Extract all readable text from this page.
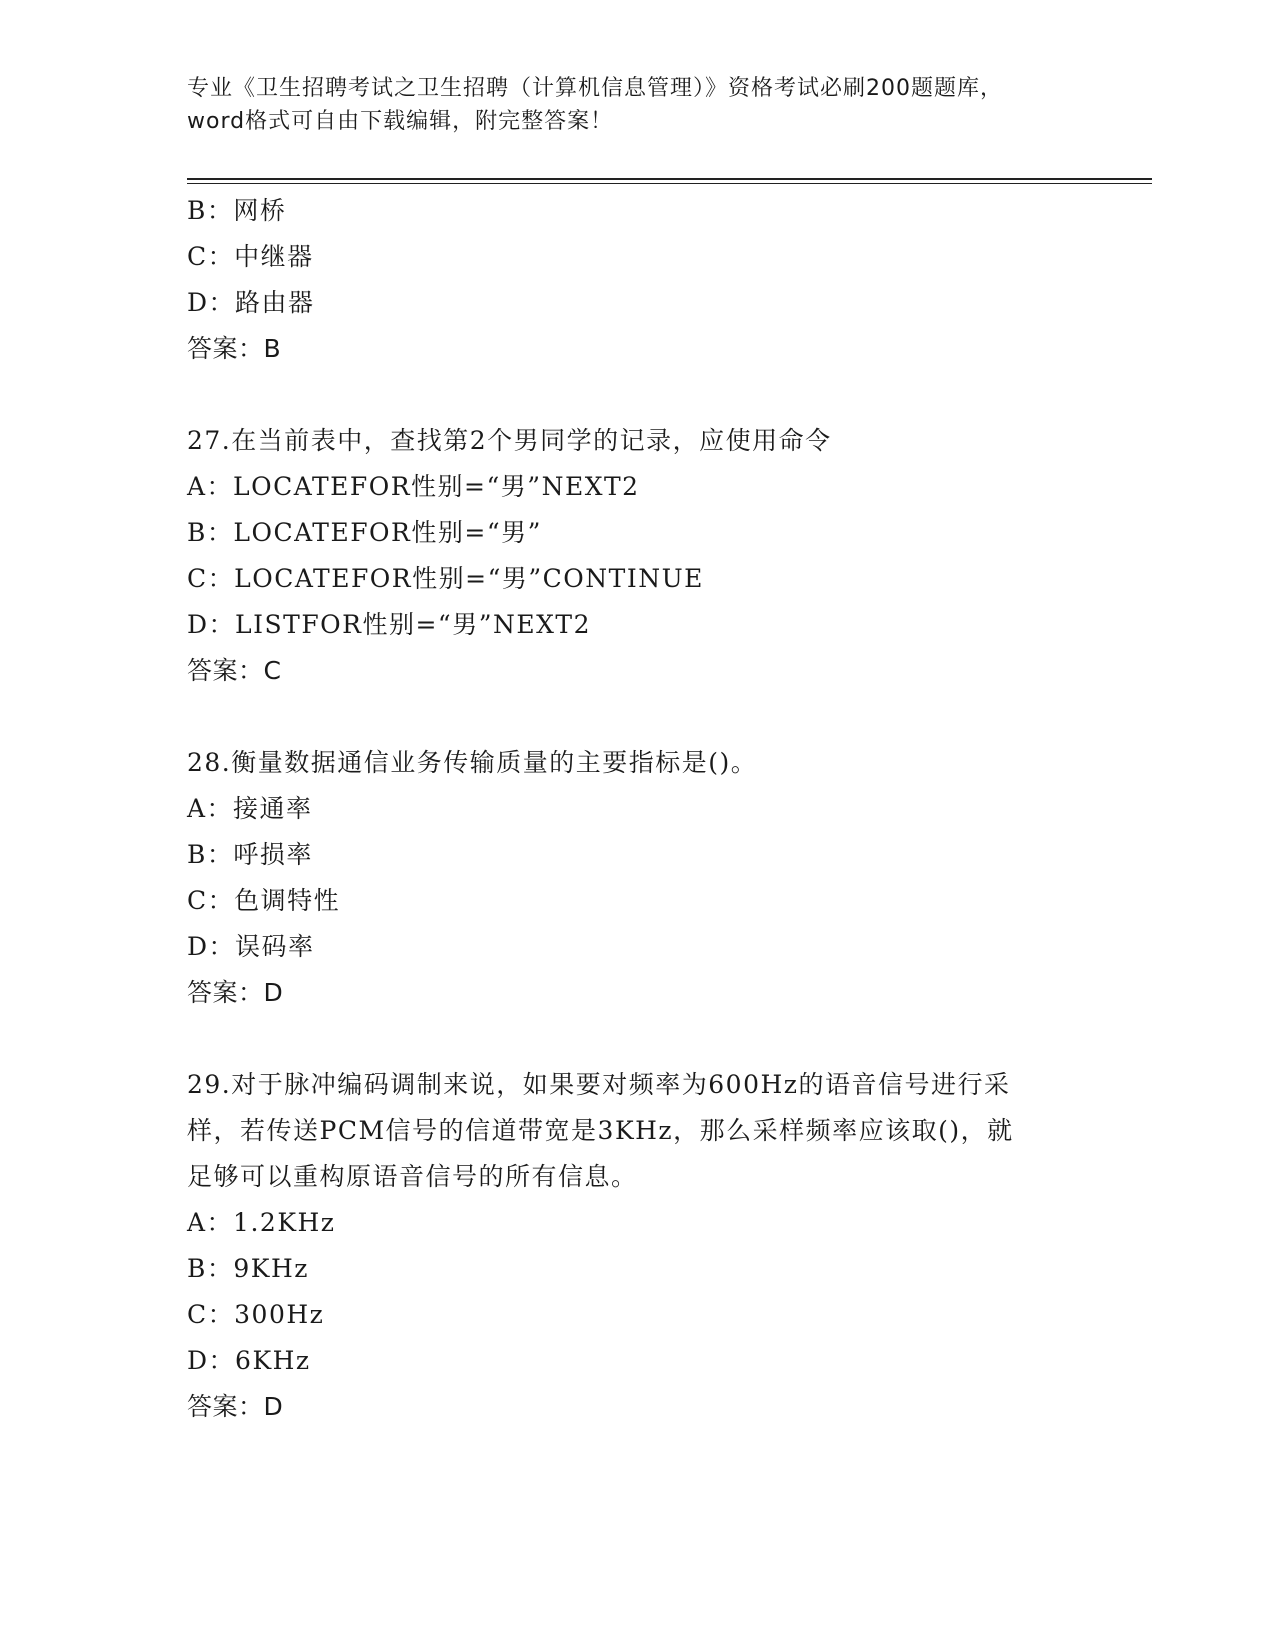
专业《卫生招聘考试之卫生招聘（计算机信息管理）》资格考试必刷200题题库，
word格式可自由下载编辑，附完整答案！
B：网桥
C：中继器
D：路由器
答案：B
27.在当前表中，查找第2个男同学的记录，应使用命令
A：LOCATEFOR性别=“男”NEXT2
B：LOCATEFOR性别=“男”
C：LOCATEFOR性别=“男”CONTINUE
D：LISTFOR性别=“男”NEXT2
答案：C
28.衡量数据通信业务传输质量的主要指标是()。
A：接通率
B：呼损率
C：色调特性
D：误码率
答案：D
29.对于脉冲编码调制来说，如果要对频率为600Hz的语音信号进行采
样，若传送PCM信号的信道带宽是3KHz，那么采样频率应该取()，就
足够可以重构原语音信号的所有信息。
A：1.2KHz
B：9KHz
C：300Hz
D：6KHz
答案：D
